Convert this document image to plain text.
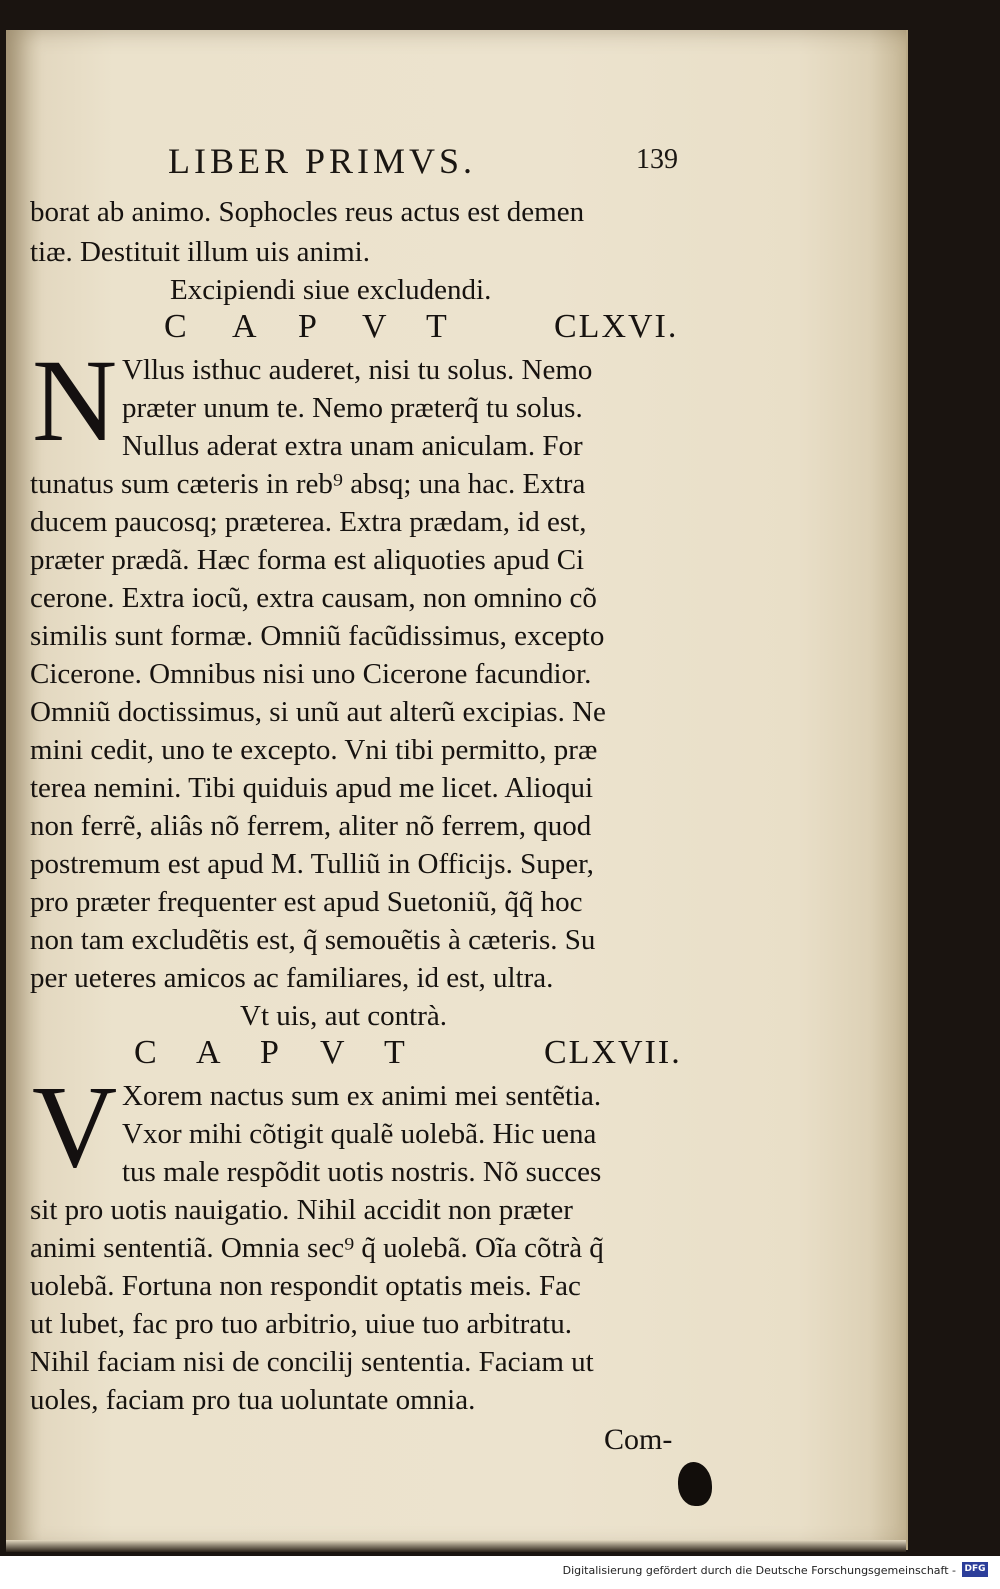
LIBER PRIMVS.	139
borat ab animo. Sophocles reus actus est demen
tiæ. Destituit illum uis animi.
Excipiendi siue excludendi.
C A P V T	CLXVI.
N Vllus isthuc auderet, nisi tu solus. Nemo
præter unum te. Nemo præterq̃ tu solus.
Nullus aderat extra unam aniculam. For
tunatus sum cæteris in reb⁹ absq; una hac. Extra
ducem paucosq; præterea. Extra prædam, id est,
præter prædã. Hæc forma est aliquoties apud Ci
cerone. Extra iocũ, extra causam, non omnino cõ
similis sunt formæ. Omniũ facũdissimus, excepto
Cicerone. Omnibus nisi uno Cicerone facundior.
Omniũ doctissimus, si unũ aut alterũ excipias. Ne
mini cedit, uno te excepto. Vni tibi permitto, præ
terea nemini. Tibi quiduis apud me licet. Alioqui
non ferrẽ, aliâs nõ ferrem, aliter nõ ferrem, quod
postremum est apud M. Tulliũ in Officijs. Super,
pro præter frequenter est apud Suetoniũ, q̃q̃ hoc
non tam excludẽtis est, q̃ semouẽtis à cæteris. Su
per ueteres amicos ac familiares, id est, ultra.
Vt uis, aut contrà.
C A P V T	CLXVII.
V Xorem nactus sum ex animi mei sentẽtia.
Vxor mihi cõtigit qualẽ uolebã. Hic uena
tus male respõdit uotis nostris. Nõ succes
sit pro uotis nauigatio. Nihil accidit non præter
animi sententiã. Omnia sec⁹ q̃ uolebã. Oĩa cõtrà q̃
uolebã. Fortuna non respondit optatis meis. Fac
ut lubet, fac pro tuo arbitrio, uiue tuo arbitratu.
Nihil faciam nisi de concilij sententia. Faciam ut
uoles, faciam pro tua uoluntate omnia.
Com-
Digitalisierung gefördert durch die Deutsche Forschungsgemeinschaft - DFG
